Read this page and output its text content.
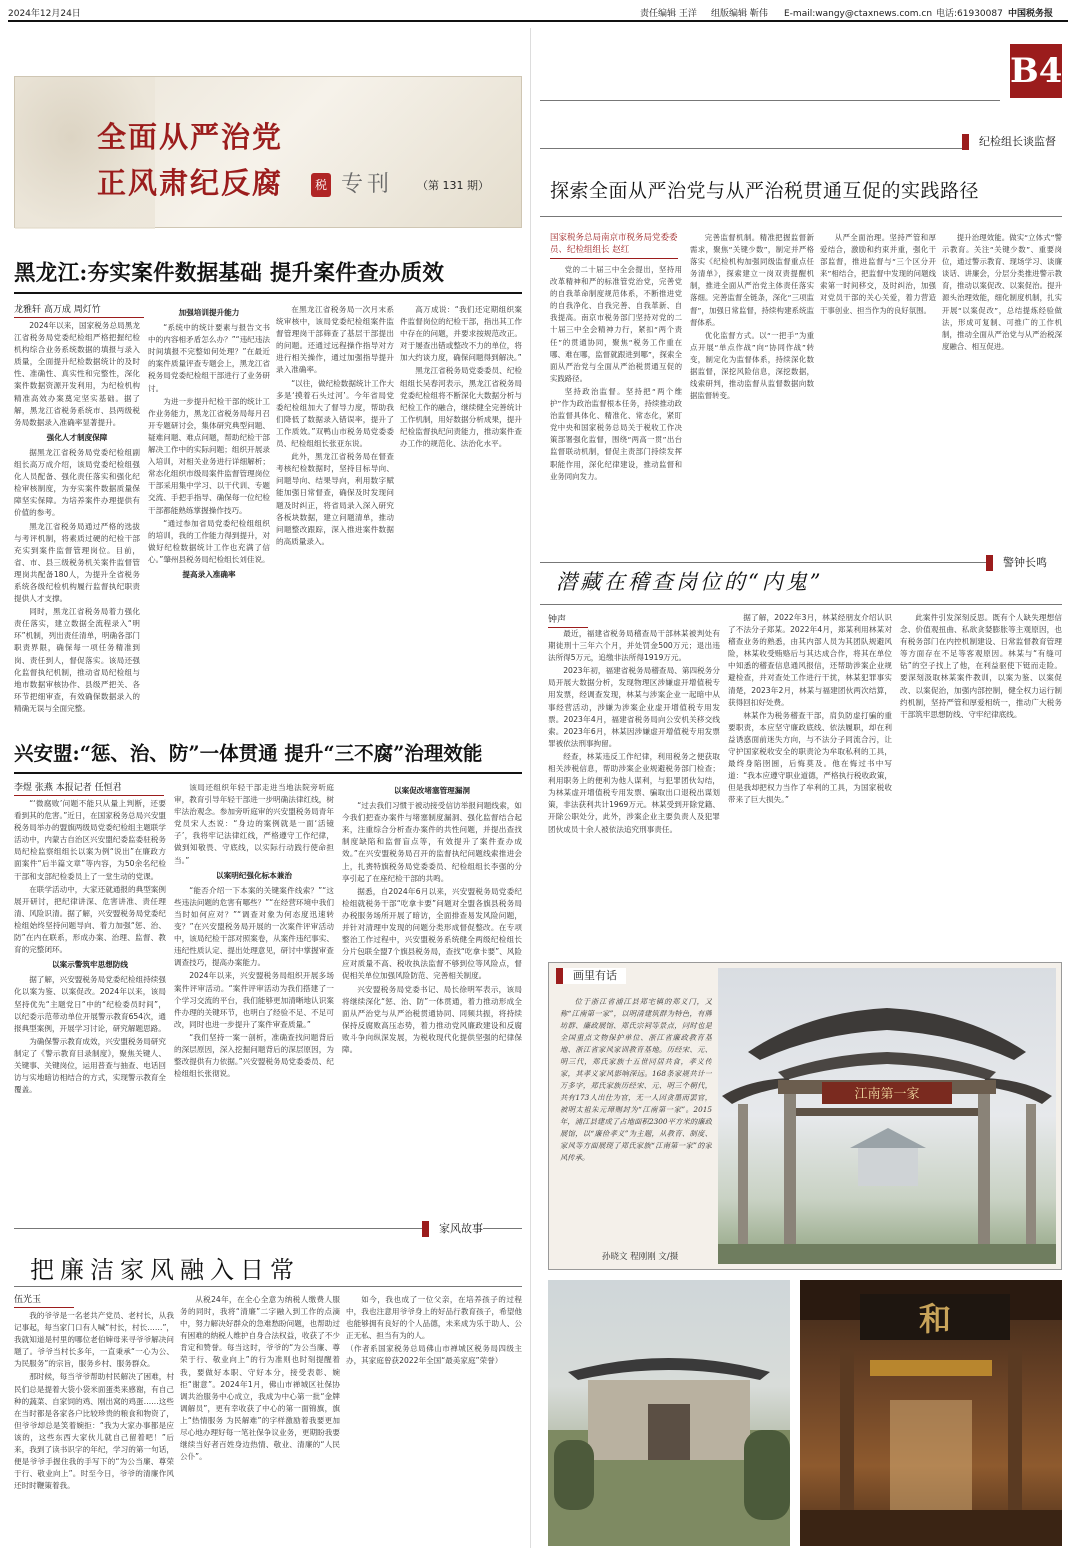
2024年12月24日	责任编辑 王洋 组版编辑 靳伟 E-mail:wangy@ctaxnews.com.cn 电话:61930087 中国税务报
B4
全面从严治党
正风肃纪反腐	税 专刊 （第 131 期）
黑龙江:夯实案件数据基础 提升案件查办质效
龙雅轩 高万成 周灯竹

2024年以来，国家税务总局黑龙江省税务局党委纪检组严格把握纪检机构综合业务系统数据的填报与录入质量，全面提升纪检数据统计的及时性、准确性、真实性和完整性，深化案件数据资源开发利用，为纪检机构精准高效办案奠定坚实基础。据了解，黑龙江省税务系统市、县两级税务局数据录入准确率显著提升。

强化人才制度保障

据黑龙江省税务局党委纪检组副组长高万成介绍，该局党委纪检组强化人员配备、强化责任落实和强化纪检审核制度，为夯实案件数据质量保障坚实保障。为培养案件办理提供有价值的参考。

黑龙江省税务局通过严格的选拔与考评机制，将素质过硬的纪检干部充实到案件监督管理岗位。目前，省、市、县三级税务机关案件监督管理岗共配备180人，为提升全省税务系统各级纪检机构履行监督执纪职责提供人才支撑。

同时，黑龙江省税务局着力强化责任落实，建立数据全流程录入“明环”机制，列出责任清单，明确各部门职责界限，确保每一项任务精准到岗、责任到人，督促落实。该局还强化监督执纪机制，推动省局纪检组与地市数据审核协作、县级严把关、各环节把细审查，有效确保数据录入的精确无误与全面完整。

加强培训提升能力

“系统中的统计要素与报告文书中的内容相矛盾怎么办？”“违纪违法时间填报不完整如何处理？”在最近的案件质量评查专题会上，黑龙江省税务局党委纪检组干部进行了业务研讨。

为进一步提升纪检干部的统计工作业务能力，黑龙江省税务局每月召开专题研讨会，集体研究典型问题、疑难问题、难点问题，帮助纪检干部解决工作中的实际问题；组织开展录入培训，对相关业务进行详细解析；常态化组织市级局案件监督管理岗位干部采用集中学习、以干代训、专题交流、手把手指导、确保每一位纪检干部都能熟练掌握操作技巧。

“通过参加省局党委纪检组组织的培训，我的工作能力得到提升，对做好纪检数据统计工作也充满了信心。”肇州县税务局纪检组长刘佳说。

提高录入准确率

在黑龙江省税务局一次月末系统审核中，该局党委纪检组案件监督管理岗干部筛查了基层干部提出的问题。还通过远程操作指导对方进行相关操作，通过加强指导提升录入准确率。

“以往，做纪检数据统计工作大多是‘摸着石头过河’。今年省局党委纪检组加大了督导力度，帮助我们降低了数据录入错误率，提升了工作质效。”双鸭山市税务局党委委员、纪检组组长张亚东说。

此外，黑龙江省税务局在督查考核纪检数据时，坚持目标导向、问题导向、结果导向，利用数字赋能加强日常督查，确保及时发现问题及时纠正，将省局录入深入研究各板块数据，建立问题清单，推动问题整改跟踪，深入推进案件数据的高质量录入。

高万成说：“我们还定期组织案件监督岗位的纪检干部，指出其工作中存在的问题，并要求按规范改正。对于屡查出错或整改不力的单位，将加大约谈力度，确保问题得到解决。”

黑龙江省税务局党委委员、纪检组组长吴春河表示，黑龙江省税务局党委纪检组将不断深化大数据分析与纪检工作的融合，继续健全完善统计工作机制，用好数据分析成果，提升纪检监督执纪问责能力，推动案件查办工作的规范化、法治化水平。

兴安盟:“惩、治、防”一体贯通 提升“三不腐”治理效能
李煜 张燕 本报记者 任恒君

“‘微腐败’问题不能只从量上判断，还要看到其的危害。”近日，在国家税务总局兴安盟税务局举办的盟旗两级局党委纪检组主题联学活动中，内蒙古自治区兴安盟纪委监委驻税务局纪检监察组组长以案为例“说出”在廉政方面案件“后半篇文章”等内容，为50余名纪检干部和支部纪检委员上了一堂生动的党课。

在联学活动中，大家还就通报的典型案例展开研讨，把纪律讲深、危害讲准、责任理清、风险识清。据了解，兴安盟税务局党委纪检组始终坚持问题导向、着力加强“惩、治、防”在内在联系，形成办案、治理、监督、教育的完整闭环。

以案示警筑牢思想防线

据了解，兴安盟税务局党委纪检组持续强化以案为鉴、以案促改。2024年以来，该局坚持优先“主题党日”中的“纪检委员时间”，以纪委示范带动单位开展警示教育654次，通报典型案例，开展学习讨论，研究解题思路。

为确保警示教育成效，兴安盟税务局研究制定了《警示教育目录制度》，聚焦关键人、关键事、关键岗位，运用普查与抽查、电话回访与实地暗访相结合的方式，实现警示教育全覆盖。

该局还组织年轻干部走进当地法院旁听庭审，教育引导年轻干部进一步明确法律红线，树牢法治观念。参加旁听庭审的兴安盟税务局青年党员宋人杰说：“身边的案例就是一面‘活镜子’，我将牢记法律红线，严格遵守工作纪律，做到知敬畏、守底线，以实际行动践行使命担当。”

以案明纪强化标本兼治

“能否介绍一下本案的关键案件线索？”“这些违法问题的危害有哪些？”“在经营环境中我们当时如何应对？”“调查对象为何态度迅速转变？”在兴安盟税务局开展的一次案件评审活动中，该局纪检干部对照案卷，从案件违纪事实、违纪性质认定、提出处理意见，研讨中掌握审查调查技巧，提高办案能力。

2024年以来，兴安盟税务局组织开展多场案件评审活动。“案件评审活动为我们搭建了一个学习交流的平台，我们能够更加清晰地认识案件办理的关键环节，也明白了经验不足、不足可改，同时也进一步提升了案件审查质量。”

“我们坚持一案一剖析，准确查找问题背后的深层原因，深入挖掘问题背后的深层原因，为整改提供有力依据。”兴安盟税务局党委委员、纪检组组长张彻说。

以案促改堵塞管理漏洞

“过去我们习惯于被动接受信访举报问题线索，如今我们把查办案件与堵塞制度漏洞、强化监督结合起来，注重综合分析查办案件的共性问题，并提出查找制度缺陷和监督盲点等，有效提升了案件查办成效。”在兴安盟税务局召开的监督执纪问题线索推进会上，扎赉特旗税务局党委委员、纪检组组长李强的分享引起了在座纪检干部的共鸣。

据悉，自2024年6月以来，兴安盟税务局党委纪检组就税务干部“吃拿卡要”问题对全盟各旗县税务局办税服务场所开展了暗访，全面排查易发风险问题，并针对清理中发现的问题分类形成督促整改。在专项整治工作过程中，兴安盟税务系统健全两级纪检组长分片包联全盟7个旗县税务局，查找“吃拿卡要”、风险应对质量不高、税收执法监督不够到位等风险点，督促相关单位加强风险防范、完善相关制度。

兴安盟税务局党委书记、局长徐明军表示，该局将继续深化“惩、治、防”一体贯通，着力推动形成全面从严治党与从严治税贯通协同、同频共振，将持续保持反腐败高压态势，着力推动党风廉政建设和反腐败斗争向纵深发展，为税收现代化提供坚强的纪律保障。

家风故事
把廉洁家风融入日常
伍光玉

我的爷爷是一名老共产党员、老村长，从我记事起，每当家门口有人喊“村长，村长……”，我就知道是村里的哪位老伯婶母来寻爷爷解决问题了。爷爷当村长多年，一直秉承“一心为公、为民服务”的宗旨，服务乡村、服务群众。

那时候，每当爷爷帮助村民解决了困难，村民们总是提着大袋小袋米面蛋类来感谢，有自己种的蔬菜、自家饲的鸡、刚出窝的鸡蛋……这些在当时都是各家各户比较珍贵的粮食和物资了，但爷爷却总是笑着婉拒：“我为大家办事都是应该的，这些东西大家伙儿就自己留着吧！”后来，我到了读书识字的年纪，学习的第一句话，便是爷爷手握住我的手写下的“为公当廉、尊荣于行、敬业向上”。时至今日，爷爷的清廉作风还时时鞭策着我。

从税24年，在全心全意为纳税人缴费人服务的同时，我将“清廉”二字融入到工作的点滴中，努力解决好群众的急难愁盼问题，也帮助过有困难的纳税人维护自身合法权益，收获了不少肯定和赞誉。每当这时，爷爷的“为公当廉、尊荣于行、敬业向上”的行为准则也时刻提醒着我，要做好本职、守好本分，接受表彰、婉拒“谢意”。2024年1月，佛山市禅城区社保协调共治服务中心成立，我成为中心第一批“金牌调解员”，更有幸收获了中心的第一面锦旗，旗上“热情服务 为民解难”的字样激励着我要更加尽心地办理好每一笔社保争议业务，更期盼我要继续当好者百姓身边热情、敬业、清廉的“人民公仆”。

如今，我也成了一位父亲，在培养孩子的过程中，我也注意用爷爷身上的好品行教育孩子，希望他也能够拥有良好的个人品德，未来成为乐于助人、公正无私、担当有为的人。

（作者系国家税务总局佛山市禅城区税务局四级主办，其家庭曾获2022年全国“最美家庭”荣誉）

纪检组长谈监督
探索全面从严治党与从严治税贯通互促的实践路径
国家税务总局南京市税务局党委委员、纪检组组长 赵红

党的二十届三中全会提出，坚持用改革精神和严的标准管党治党，完善党的自我革命制度规范体系，不断推进党的自我净化、自我完善、自我革新、自我提高。南京市税务部门坚持对党的二十届三中全会精神力行，紧扣“两个责任”的贯通协同，聚焦“税务工作重在哪、难在哪，监督就跟进到哪”，探索全面从严治党与全面从严治税贯通互促的实践路径。

坚持政治监督。坚持把“两个维护”作为政治监督根本任务，持续推动政治监督具体化、精准化、常态化，紧盯党中央和国家税务总局关于税收工作决策部署强化监督，围绕“两高一贯”出台监督联动机制，督促主责部门持续发挥职能作用，深化纪律建设，推动监督和业务同向发力。

完善监督机制。精准把握监督新需求，聚焦“关键少数”，制定并严格落实《纪检机构加强同级监督重点任务清单》，探索建立一岗双责提醒机制，推进全面从严治党主体责任落实落细。完善监督全链条，深化“三项监督”，加强日常监督，持续构建系统监督体系。

优化监督方式。以“一把手”为重点开展“单点作战”向“协同作战”转变，制定化为监督体系，持续深化数据监督，深挖风险信息，深挖数据，线索研判，推动监督从监督数据向数据监督转变。

从严全面治理。坚持严管和厚爱结合，激励和约束并重，强化干部监督，推进监督与“三个区分开来”相结合，把监督中发现的问题线索第一时间移交，及时纠治，加强对党员干部的关心关爱，着力营造干事创业、担当作为的良好氛围。

提升治理效能。做实“立体式”警示教育。关注“关键少数”、重要岗位，通过警示教育、现场学习、谈廉谈话、讲廉会，分层分类推进警示教育，推动以案促改、以案促治。提升源头治理效能，细化制度机制，扎实开展“以案促改”，总结提炼经验做法，形成可复制、可推广的工作机制，推动全面从严治党与从严治税深度融合、相互促进。

警钟长鸣
潜藏在稽查岗位的“内鬼”
钟声

最近，福建省税务局稽查局干部林某被判处有期徒刑十三年六个月，并处罚金500万元；退出违法所得5万元，追缴非法所得1919万元。

2023年初，福建省税务局稽查局、第四税务分局开展大数据分析，发现物理区涉嫌虚开增值税专用发票，经调查发现，林某与涉案企业一起暗中从事经营活动，涉嫌为涉案企业虚开增值税专用发票。2023年4月，福建省税务局向公安机关移交线索。2023年6月，林某因涉嫌虚开增值税专用发票罪被依法刑事拘留。

经查，林某违反工作纪律，利用税务之便获取相关涉税信息，帮助涉案企业规避税务部门检查；利用职务上的便利为他人谋利，与犯罪团伙勾结，为林某虚开增值税专用发票、骗取出口退税出谋划策，非法获利共计1969万元。林某受到开除党籍、开除公职处分，此外，涉案企业主要负责人及犯罪团伙成员十余人被依法追究刑事责任。

据了解，2022年3月，林某经朋友介绍认识了不法分子郑某。2022年4月，郑某利用林某对稽查业务的熟悉，由其内部人员为其团队规避风险，林某收受贿赂后与其达成合作，将其在单位中知悉的稽查信息通风报信，还帮助涉案企业规避检查，并对查处工作进行干扰，林某犯罪事实清楚，2023年2月，林某与福建团伙两次结算，获得回扣好处费。

林某作为税务稽查干部，肩负防虚打骗的重要职责，本应坚守廉政底线、依法履职，却在利益诱惑面前迷失方向，与不法分子同流合污，让守护国家税收安全的职责沦为牟取私利的工具，最终身陷囹圄，后悔莫及。他在悔过书中写道：“我本应遵守职业道德，严格执行税收政策，但是我却把权力当作了牟利的工具，为国家税收带来了巨大损失。”

此案件引发深刻反思。既有个人缺失理想信念、价值观扭曲、私欲贪婪膨胀等主观原因，也有税务部门在内控机制建设、日常监督教育管理等方面存在不足等客观原因。林某与“有缝可钻”的空子找上了他，在利益驱使下铤而走险。要深刻汲取林某案件教训，以案为鉴、以案促改、以案促治，加强内部控制，健全权力运行制约机制，坚持严管和厚爱相统一，推动广大税务干部筑牢思想防线、守牢纪律底线。

画里有话
位于浙江省浦江县郑宅镇的郑义门，又称“江南第一家”，以明清建筑群为特色，有牌坊群、廉政展馆、郑氏宗祠等景点，同时也是全国重点文物保护单位、浙江省廉政教育基地、浙江省家风家训教育基地。历经宋、元、明三代，郑氏家族十五世同居共食，孝义传家，其孝义家风影响深远。168条家规共计一万多字，郑氏家族历经宋、元、明三个朝代，共有173人出仕为官，无一人因贪墨而罢官，被明太祖朱元璋赐封为“江南第一家”。2015年，浦江县建成了占地面积2300平方米的廉政展馆，以“廉俭孝义”为主题，从教育、制度、家风等方面展现了郑氏家族“江南第一家”的家风传承。
孙晓文 程刚刚 文/摄
江南第一家
和
